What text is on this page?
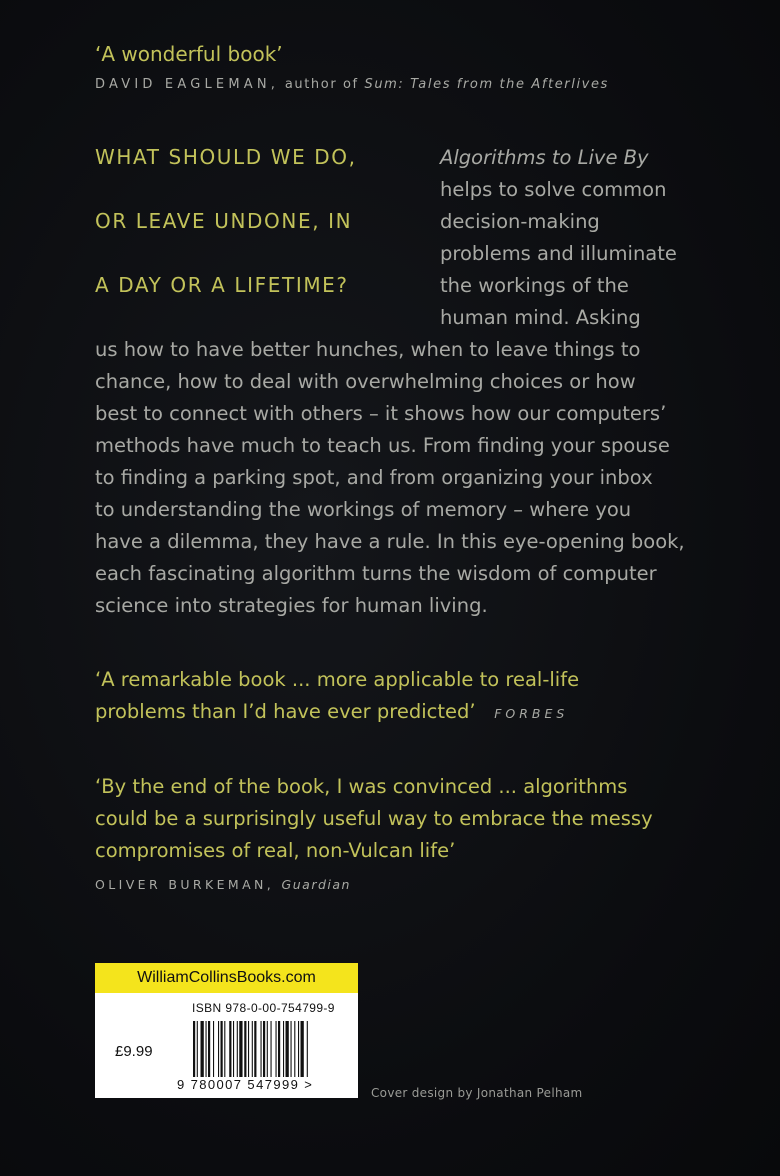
‘A wonderful book’
DAVID EAGLEMAN, author of Sum: Tales from the Afterlives
WHAT SHOULD WE DO,
OR LEAVE UNDONE, IN
A DAY OR A LIFETIME?
Algorithms to Live By
helps to solve common
decision-making
problems and illuminate
the workings of the
human mind. Asking
us how to have better hunches, when to leave things to
chance, how to deal with overwhelming choices or how
best to connect with others – it shows how our computers’
methods have much to teach us. From finding your spouse
to finding a parking spot, and from organizing your inbox
to understanding the workings of memory – where you
have a dilemma, they have a rule. In this eye-opening book,
each fascinating algorithm turns the wisdom of computer
science into strategies for human living.
‘A remarkable book ... more applicable to real-life
problems than I’d have ever predicted’ FORBES
‘By the end of the book, I was convinced ... algorithms
could be a surprisingly useful way to embrace the messy
compromises of real, non-Vulcan life’
OLIVER BURKEMAN, Guardian
WilliamCollinsBooks.com
ISBN 978-0-00-754799-9
£9.99
9 780007 547999 >
Cover design by Jonathan Pelham
